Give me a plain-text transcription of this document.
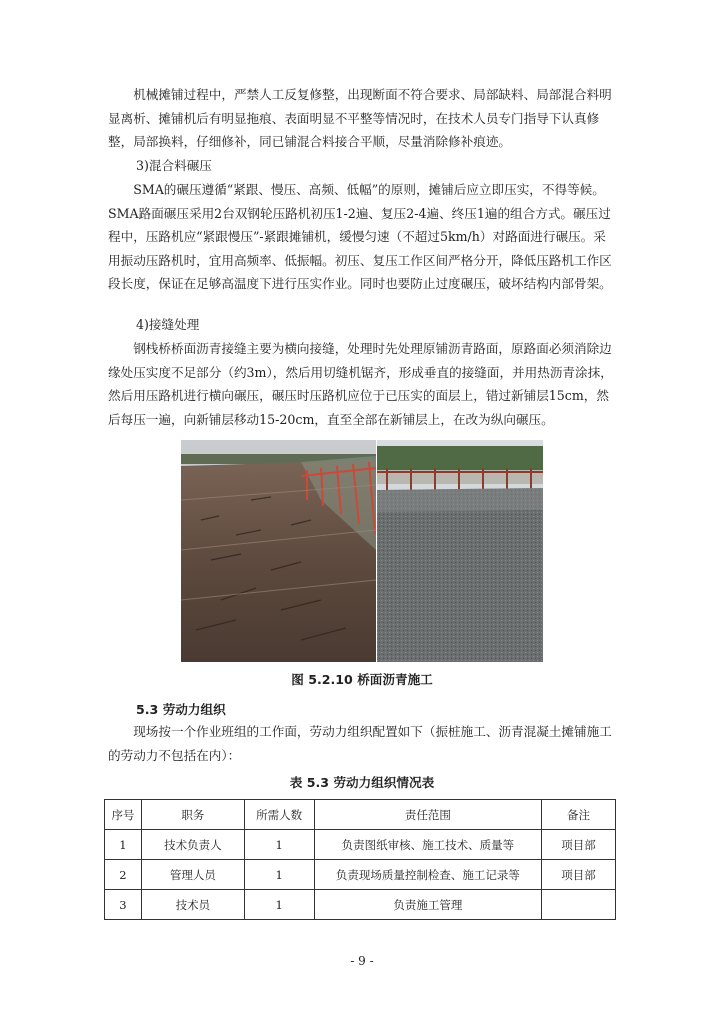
机械摊铺过程中，严禁人工反复修整，出现断面不符合要求、局部缺料、局部混合料明显离析、摊铺机后有明显拖痕、表面明显不平整等情况时，在技术人员专门指导下认真修整，局部换料，仔细修补，同已铺混合料接合平顺，尽量消除修补痕迹。

3)混合料碾压

SMA的碾压遵循“紧跟、慢压、高频、低幅”的原则，摊铺后应立即压实，不得等候。SMA路面碾压采用2台双钢轮压路机初压1-2遍、复压2-4遍、终压1遍的组合方式。碾压过程中，压路机应“紧跟慢压”-紧跟摊铺机，缓慢匀速（不超过5km/h）对路面进行碾压。采用振动压路机时，宜用高频率、低振幅。初压、复压工作区间严格分开，降低压路机工作区段长度，保证在足够高温度下进行压实作业。同时也要防止过度碾压，破坏结构内部骨架。

4)接缝处理

钢栈桥桥面沥青接缝主要为横向接缝，处理时先处理原铺沥青路面，原路面必须消除边缘处压实度不足部分（约3m），然后用切缝机锯齐，形成垂直的接缝面，并用热沥青涂抹，然后用压路机进行横向碾压，碾压时压路机应位于已压实的面层上，错过新铺层15cm，然后每压一遍，向新铺层移动15-20cm，直至全部在新铺层上，在改为纵向碾压。

图 5.2.10 桥面沥青施工
5.3 劳动力组织

现场按一个作业班组的工作面，劳动力组织配置如下（振桩施工、沥青混凝土摊铺施工的劳动力不包括在内）：

表 5.3 劳动力组织情况表
序号	职务	所需人数	责任范围	备注
1	技术负责人	1	负责图纸审核、施工技术、质量等	项目部
2	管理人员	1	负责现场质量控制检查、施工记录等	项目部
3	技术员	1	负责施工管理	
- 9 -
